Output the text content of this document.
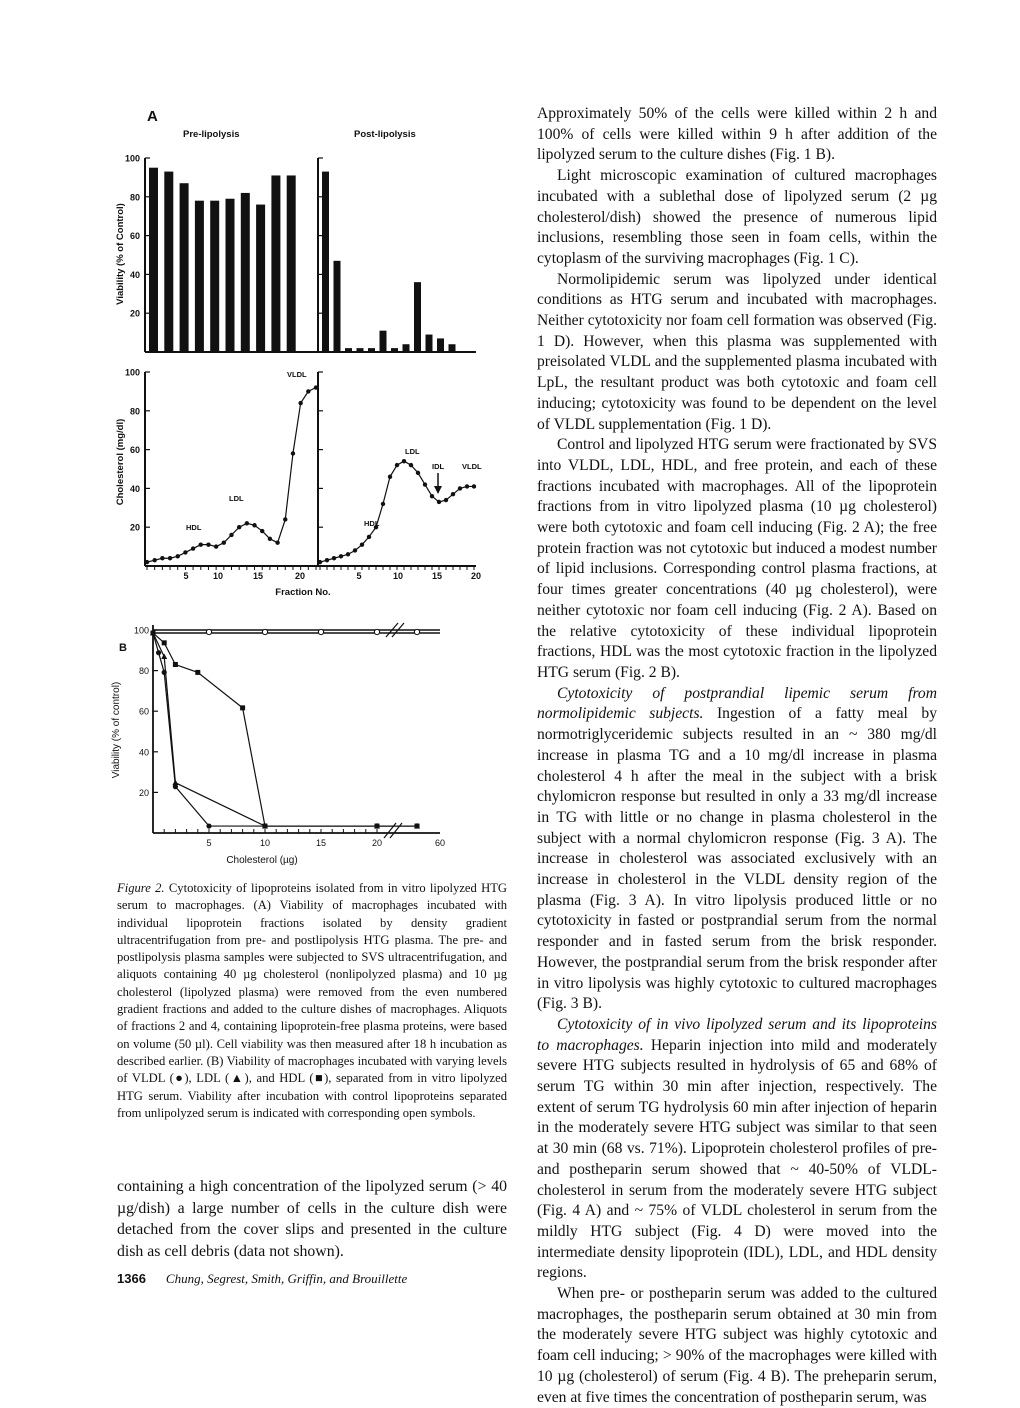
A
Pre-lipolysis	Post-lipolysis
Viability (% of Control)
100
80
60
40
20
Cholesterol (mg/dl)
100
80
60
40
20
5	10	15	20	5	10	15	20
Fraction No.
VLDL
LDL
HDL
LDL
IDL VLDL
HDL
B
Viability (% of control)
100
80
60
40
20
5	10	15	20	60
Cholesterol (µg)
Figure 2. Cytotoxicity of lipoproteins isolated from in vitro lipolyzed HTG serum to macrophages. (A) Viability of macrophages incubated with individual lipoprotein fractions isolated by density gradient ultracentrifugation from pre- and postlipolysis HTG plasma. The pre- and postlipolysis plasma samples were subjected to SVS ultracentrifugation, and aliquots containing 40 µg cholesterol (nonlipolyzed plasma) and 10 µg cholesterol (lipolyzed plasma) were removed from the even numbered gradient fractions and added to the culture dishes of macrophages. Aliquots of fractions 2 and 4, containing lipoprotein-free plasma proteins, were based on volume (50 µl). Cell viability was then measured after 18 h incubation as described earlier. (B) Viability of macrophages incubated with varying levels of VLDL (●), LDL (▲), and HDL (■), separated from in vitro lipolyzed HTG serum. Viability after incubation with control lipoproteins separated from unlipolyzed serum is indicated with corresponding open symbols.
containing a high concentration of the lipolyzed serum (> 40 µg/dish) a large number of cells in the culture dish were detached from the cover slips and presented in the culture dish as cell debris (data not shown).

Approximately 50% of the cells were killed within 2 h and 100% of cells were killed within 9 h after addition of the lipolyzed serum to the culture dishes (Fig. 1 B).

Light microscopic examination of cultured macrophages incubated with a sublethal dose of lipolyzed serum (2 µg cholesterol/dish) showed the presence of numerous lipid inclusions, resembling those seen in foam cells, within the cytoplasm of the surviving macrophages (Fig. 1 C).

Normolipidemic serum was lipolyzed under identical conditions as HTG serum and incubated with macrophages. Neither cytotoxicity nor foam cell formation was observed (Fig. 1 D). However, when this plasma was supplemented with preisolated VLDL and the supplemented plasma incubated with LpL, the resultant product was both cytotoxic and foam cell inducing; cytotoxicity was found to be dependent on the level of VLDL supplementation (Fig. 1 D).

Control and lipolyzed HTG serum were fractionated by SVS into VLDL, LDL, HDL, and free protein, and each of these fractions incubated with macrophages. All of the lipoprotein fractions from in vitro lipolyzed plasma (10 µg cholesterol) were both cytotoxic and foam cell inducing (Fig. 2 A); the free protein fraction was not cytotoxic but induced a modest number of lipid inclusions. Corresponding control plasma fractions, at four times greater concentrations (40 µg cholesterol), were neither cytotoxic nor foam cell inducing (Fig. 2 A). Based on the relative cytotoxicity of these individual lipoprotein fractions, HDL was the most cytotoxic fraction in the lipolyzed HTG serum (Fig. 2 B).

Cytotoxicity of postprandial lipemic serum from normolipidemic subjects. Ingestion of a fatty meal by normotriglyceridemic subjects resulted in an ~ 380 mg/dl increase in plasma TG and a 10 mg/dl increase in plasma cholesterol 4 h after the meal in the subject with a brisk chylomicron response but resulted in only a 33 mg/dl increase in TG with little or no change in plasma cholesterol in the subject with a normal chylomicron response (Fig. 3 A). The increase in cholesterol was associated exclusively with an increase in cholesterol in the VLDL density region of the plasma (Fig. 3 A). In vitro lipolysis produced little or no cytotoxicity in fasted or postprandial serum from the normal responder and in fasted serum from the brisk responder. However, the postprandial serum from the brisk responder after in vitro lipolysis was highly cytotoxic to cultured macrophages (Fig. 3 B).

Cytotoxicity of in vivo lipolyzed serum and its lipoproteins to macrophages. Heparin injection into mild and moderately severe HTG subjects resulted in hydrolysis of 65 and 68% of serum TG within 30 min after injection, respectively. The extent of serum TG hydrolysis 60 min after injection of heparin in the moderately severe HTG subject was similar to that seen at 30 min (68 vs. 71%). Lipoprotein cholesterol profiles of pre- and postheparin serum showed that ~ 40-50% of VLDL-cholesterol in serum from the moderately severe HTG subject (Fig. 4 A) and ~ 75% of VLDL cholesterol in serum from the mildly HTG subject (Fig. 4 D) were moved into the intermediate density lipoprotein (IDL), LDL, and HDL density regions.

When pre- or postheparin serum was added to the cultured macrophages, the postheparin serum obtained at 30 min from the moderately severe HTG subject was highly cytotoxic and foam cell inducing; > 90% of the macrophages were killed with 10 µg (cholesterol) of serum (Fig. 4 B). The preheparin serum, even at five times the concentration of postheparin serum, was

1366 Chung, Segrest, Smith, Griffin, and Brouillette
